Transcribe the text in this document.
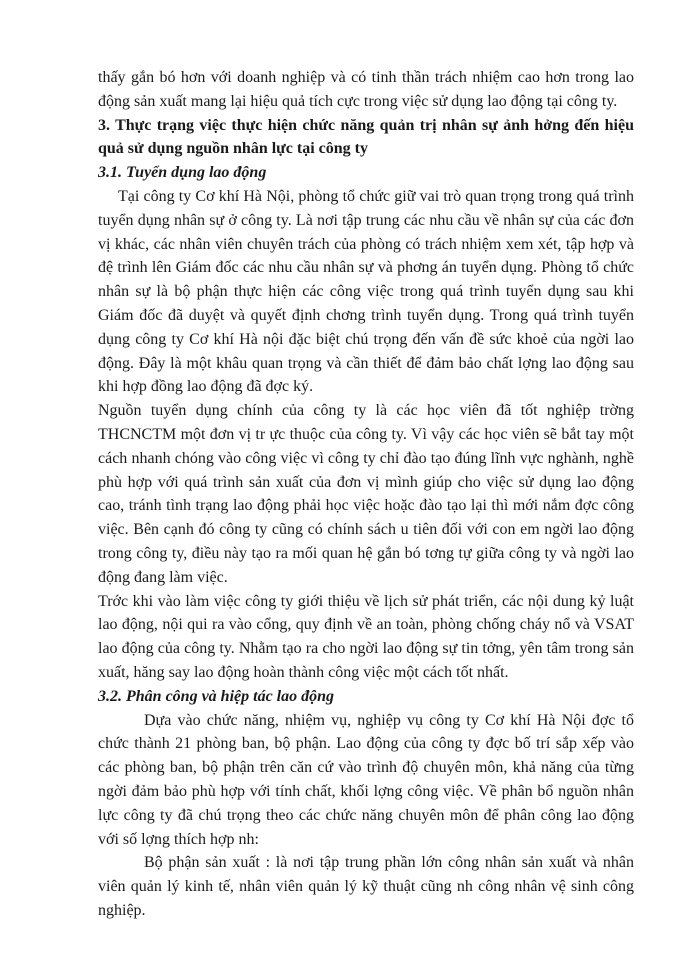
thấy gắn bó hơn với doanh nghiệp và có tinh thần trách nhiệm cao hơn trong lao động sản xuất mang lại hiệu quả tích cực trong việc sử dụng lao động tại công ty.

3. Thực trạng việc thực hiện chức năng quản trị nhân sự ảnh hởng đến hiệu quả sử dụng nguồn nhân lực tại công ty

3.1. Tuyển dụng lao động

Tại công ty Cơ khí Hà Nội, phòng tổ chức giữ vai trò quan trọng trong quá trình tuyển dụng nhân sự ở công ty. Là nơi tập trung các nhu cầu về nhân sự của các đơn vị khác, các nhân viên chuyên trách của phòng có trách nhiệm xem xét, tập hợp và đệ trình lên Giám đốc các nhu cầu nhân sự và phơng án tuyển dụng. Phòng tổ chức nhân sự là bộ phận thực hiện các công việc trong quá trình tuyển dụng sau khi Giám đốc đã duyệt và quyết định chơng trình tuyển dụng. Trong quá trình tuyển dụng công ty Cơ khí Hà nội đặc biệt chú trọng đến vấn đề sức khoẻ của ngời lao động. Đây là một khâu quan trọng và cần thiết để đảm bảo chất lợng lao động sau khi hợp đồng lao động đã đợc ký.

Nguồn tuyển dụng chính của công ty là các học viên đã tốt nghiệp trờng THCNCTM một đơn vị tr ực thuộc của công ty. Vì vậy các học viên sẽ bắt tay một cách nhanh chóng vào công việc vì công ty chỉ đào tạo đúng lĩnh vực nghành, nghề phù hợp với quá trình sản xuất của đơn vị mình giúp cho việc sử dụng lao động cao, tránh tình trạng lao động phải học việc hoặc đào tạo lại thì mới nắm đợc công việc. Bên cạnh đó công ty cũng có chính sách u tiên đối với con em ngời lao động trong công ty, điều này tạo ra mối quan hệ gắn bó tơng tự giữa công ty và ngời lao động đang làm việc.

Trớc khi vào làm việc công ty giới thiệu về lịch sử phát triển, các nội dung kỷ luật lao động, nội qui ra vào cổng, quy định về an toàn, phòng chống cháy nổ và VSAT lao động của công ty. Nhằm tạo ra cho ngời lao động sự tin tởng, yên tâm trong sản xuất, hăng say lao động hoàn thành công việc một cách tốt nhất.

3.2. Phân công và hiệp tác lao động

Dựa vào chức năng, nhiệm vụ, nghiệp vụ công ty Cơ khí Hà Nội đợc tổ chức thành 21 phòng ban, bộ phận. Lao động của công ty đợc bố trí sắp xếp vào các phòng ban, bộ phận trên căn cứ vào trình độ chuyên môn, khả năng của từng ngời đảm bảo phù hợp với tính chất, khối lợng công việc. Về phân bổ nguồn nhân lực công ty đã chú trọng theo các chức năng chuyên môn để phân công lao động với số lợng thích hợp nh:

Bộ phận sản xuất : là nơi tập trung phần lớn công nhân sản xuất và nhân viên quản lý kinh tế, nhân viên quản lý kỹ thuật cũng nh công nhân vệ sinh công nghiệp.
